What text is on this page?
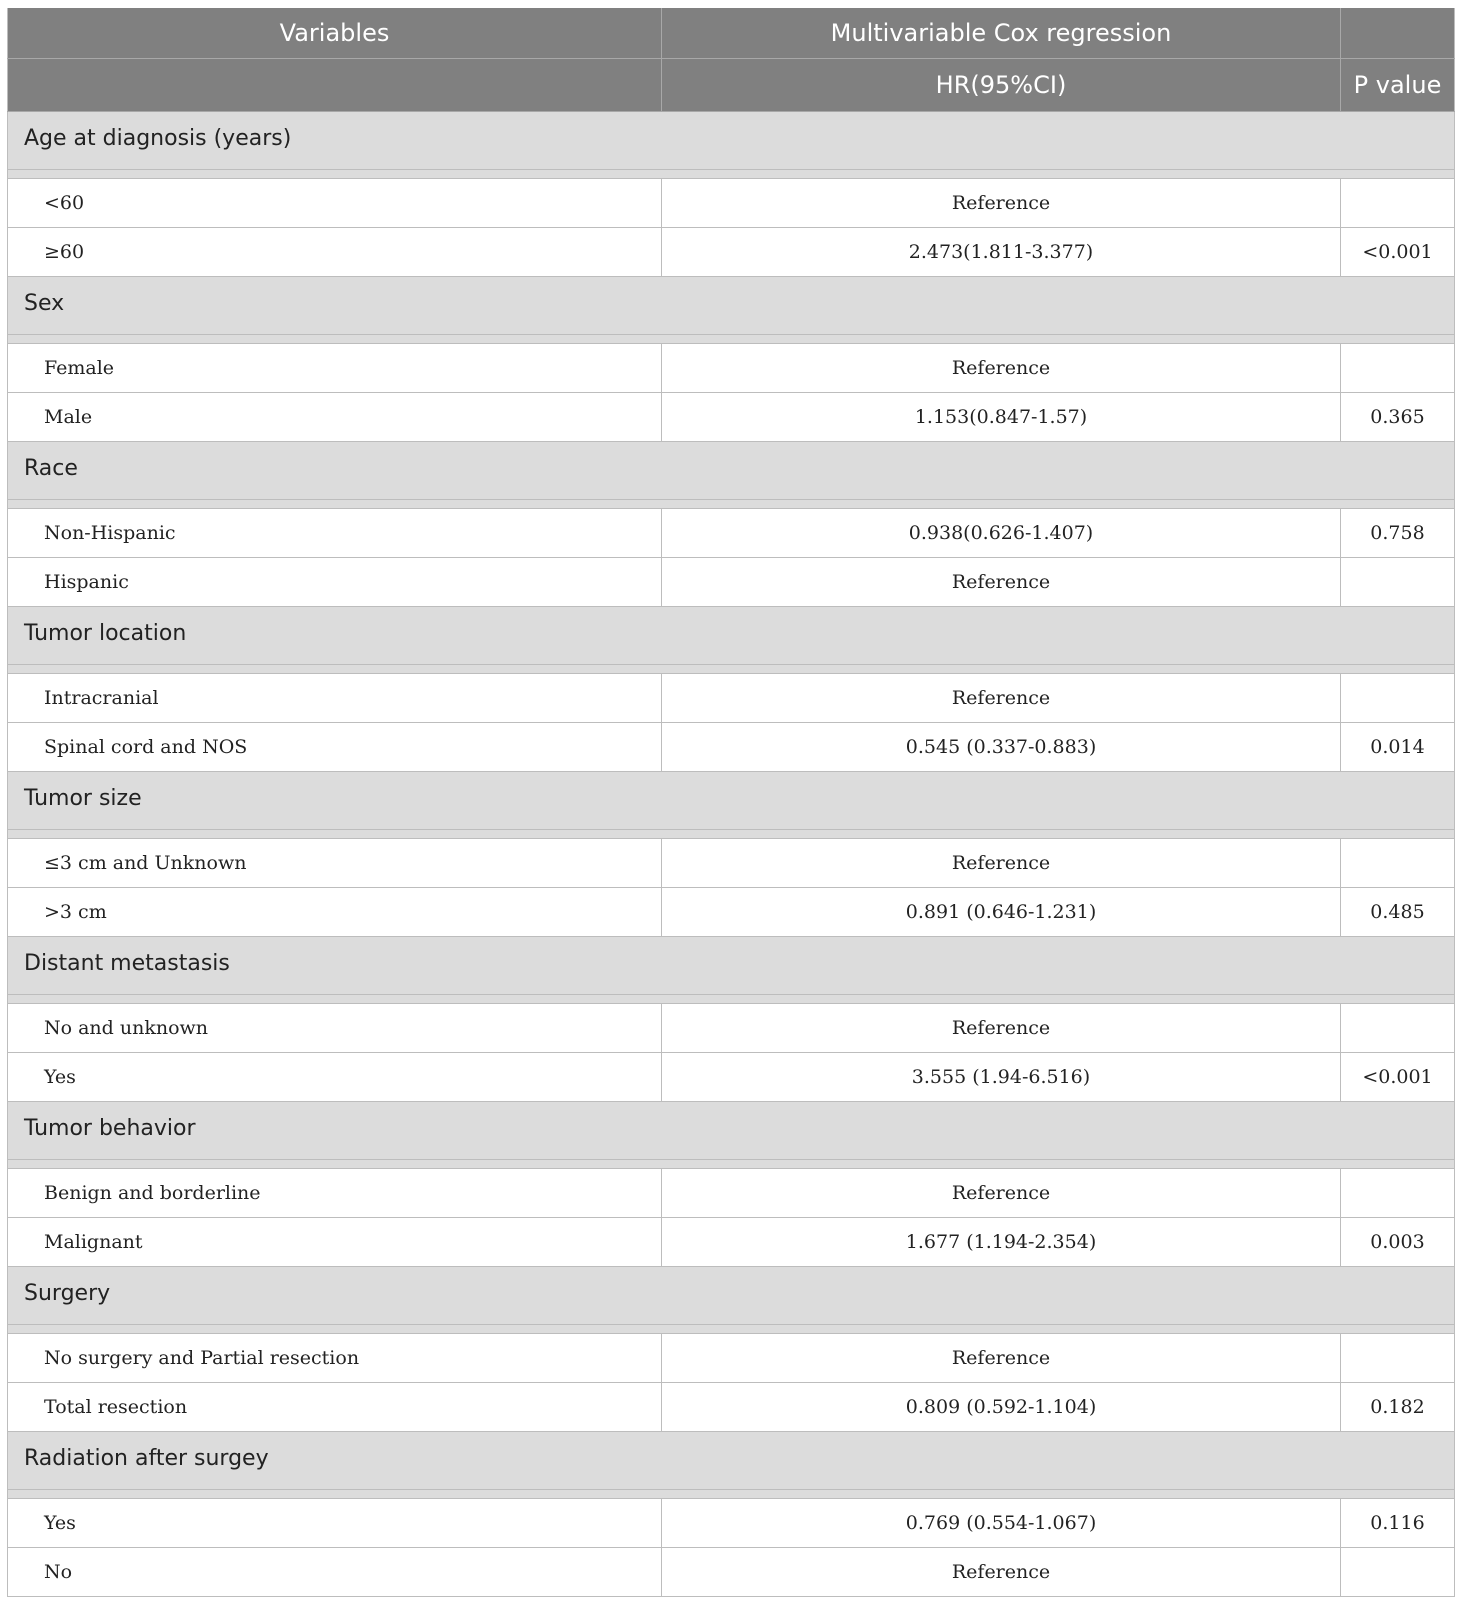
Variables	Multivariable Cox regression	
	HR(95%CI)	P value
Age at diagnosis (years)		

<60	Reference	
≥60	2.473(1.811-3.377)	<0.001
Sex		

Female	Reference	
Male	1.153(0.847-1.57)	0.365
Race		

Non-Hispanic	0.938(0.626-1.407)	0.758
Hispanic	Reference	
Tumor location		

Intracranial	Reference	
Spinal cord and NOS	0.545 (0.337-0.883)	0.014
Tumor size		

≤3 cm and Unknown	Reference	
>3 cm	0.891 (0.646-1.231)	0.485
Distant metastasis		

No and unknown	Reference	
Yes	3.555 (1.94-6.516)	<0.001
Tumor behavior		

Benign and borderline	Reference	
Malignant	1.677 (1.194-2.354)	0.003
Surgery		

No surgery and Partial resection	Reference	
Total resection	0.809 (0.592-1.104)	0.182
Radiation after surgey		

Yes	0.769 (0.554-1.067)	0.116
No	Reference	
